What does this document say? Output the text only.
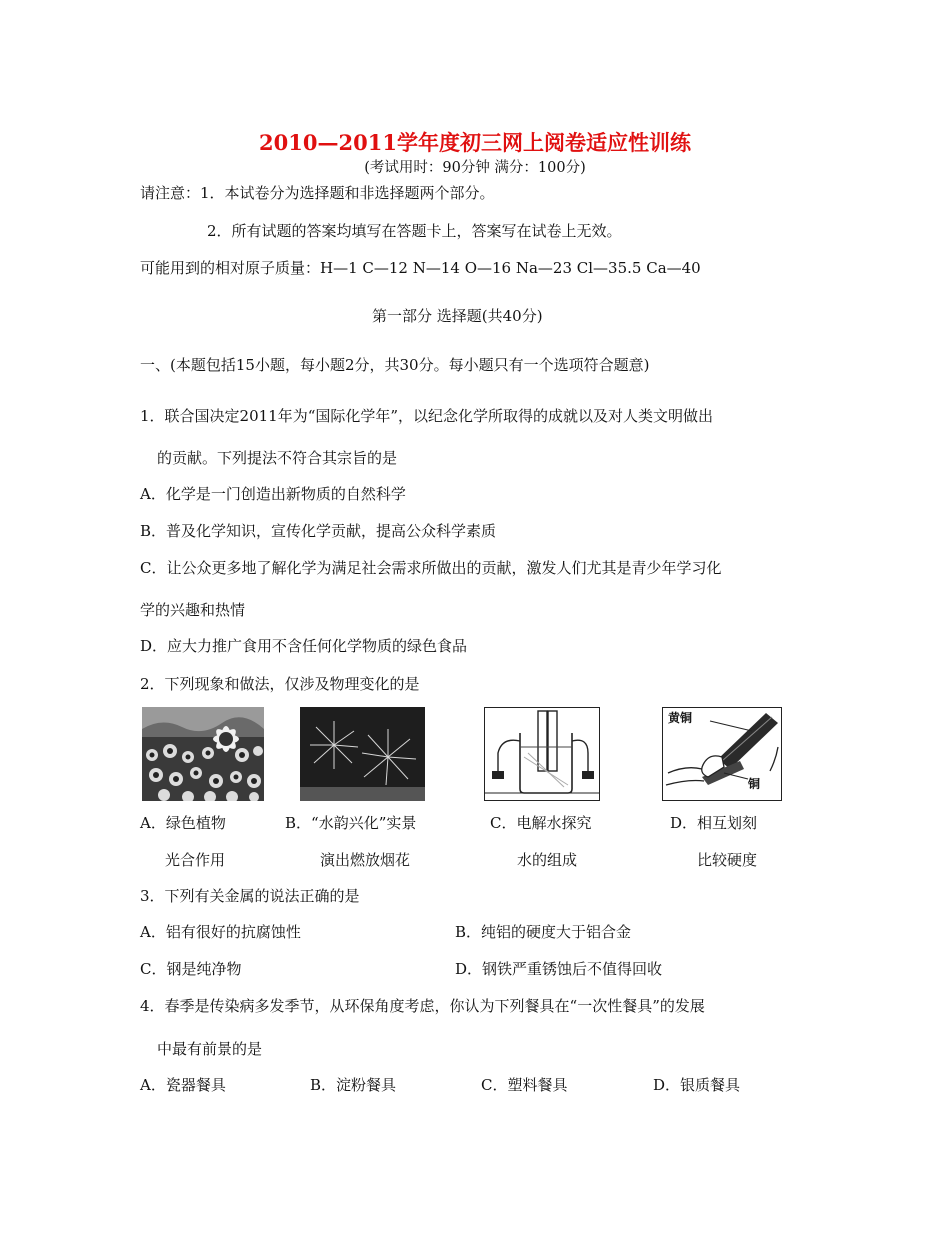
2010—2011学年度初三网上阅卷适应性训练
(考试用时：90分钟 满分：100分)
请注意：1．本试卷分为选择题和非选择题两个部分。
2．所有试题的答案均填写在答题卡上，答案写在试卷上无效。
可能用到的相对原子质量：H—1 C—12 N—14 O—16 Na—23 Cl—35.5 Ca—40
第一部分 选择题(共40分)
一、(本题包括15小题，每小题2分，共30分。每小题只有一个选项符合题意)
1．联合国决定2011年为“国际化学年”，以纪念化学所取得的成就以及对人类文明做出
的贡献。下列提法不符合其宗旨的是
A．化学是一门创造出新物质的自然科学
B．普及化学知识，宣传化学贡献，提高公众科学素质
C．让公众更多地了解化学为满足社会需求所做出的贡献，激发人们尤其是青少年学习化
学的兴趣和热情
D．应大力推广食用不含任何化学物质的绿色食品
2．下列现象和做法，仅涉及物理变化的是
黄铜
铜
A．绿色植物
光合作用
B．“水韵兴化”实景
演出燃放烟花
C．电解水探究
水的组成
D．相互划刻
比较硬度
3．下列有关金属的说法正确的是
A．铝有很好的抗腐蚀性	B．纯铝的硬度大于铝合金
C．钢是纯净物	D．钢铁严重锈蚀后不值得回收
4．春季是传染病多发季节，从环保角度考虑，你认为下列餐具在“一次性餐具”的发展
中最有前景的是
A．瓷器餐具	B．淀粉餐具	C．塑料餐具	D．银质餐具
